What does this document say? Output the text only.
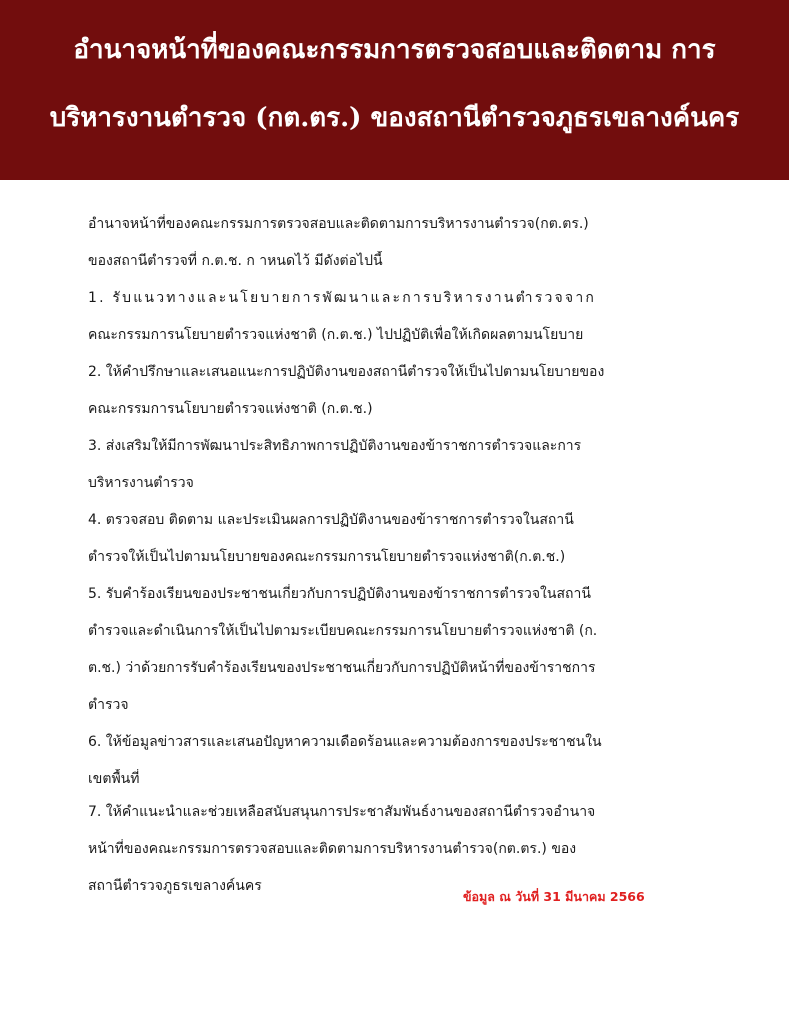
อำนาจหน้าที่ของคณะกรรมการตรวจสอบและติดตาม การ
บริหารงานตำรวจ (กต.ตร.) ของสถานีตำรวจภูธรเขลางค์นคร
อำนาจหน้าที่ของคณะกรรมการตรวจสอบและติดตามการบริหารงานตำรวจ(กต.ตร.)
ของสถานีตำรวจที่ ก.ต.ช. ก าหนดไว้ มีดังต่อไปนี้
1. รับแนวทางและนโยบายการพัฒนาและการบริหารงานตำรวจจาก
คณะกรรมการนโยบายตำรวจแห่งชาติ (ก.ต.ช.) ไปปฏิบัติเพื่อให้เกิดผลตามนโยบาย
2. ให้คำปรึกษาและเสนอแนะการปฏิบัติงานของสถานีตำรวจให้เป็นไปตามนโยบายของ
คณะกรรมการนโยบายตำรวจแห่งชาติ (ก.ต.ช.)
3. ส่งเสริมให้มีการพัฒนาประสิทธิภาพการปฏิบัติงานของข้าราชการตำรวจและการ
บริหารงานตำรวจ
4. ตรวจสอบ ติดตาม และประเมินผลการปฏิบัติงานของข้าราชการตำรวจในสถานี
ตำรวจให้เป็นไปตามนโยบายของคณะกรรมการนโยบายตำรวจแห่งชาติ(ก.ต.ช.)
5. รับคำร้องเรียนของประชาชนเกี่ยวกับการปฏิบัติงานของข้าราชการตำรวจในสถานี
ตำรวจและดำเนินการให้เป็นไปตามระเบียบคณะกรรมการนโยบายตำรวจแห่งชาติ (ก.
ต.ช.) ว่าด้วยการรับคำร้องเรียนของประชาชนเกี่ยวกับการปฏิบัติหน้าที่ของข้าราชการ
ตำรวจ
6. ให้ข้อมูลข่าวสารและเสนอปัญหาความเดือดร้อนและความต้องการของประชาชนใน
เขตพื้นที่
7. ให้คำแนะนำและช่วยเหลือสนับสนุนการประชาสัมพันธ์งานของสถานีตำรวจอำนาจ
หน้าที่ของคณะกรรมการตรวจสอบและติดตามการบริหารงานตำรวจ(กต.ตร.) ของ
สถานีตำรวจภูธรเขลางค์นคร
ข้อมูล ณ วันที่ 31 มีนาคม 2566
